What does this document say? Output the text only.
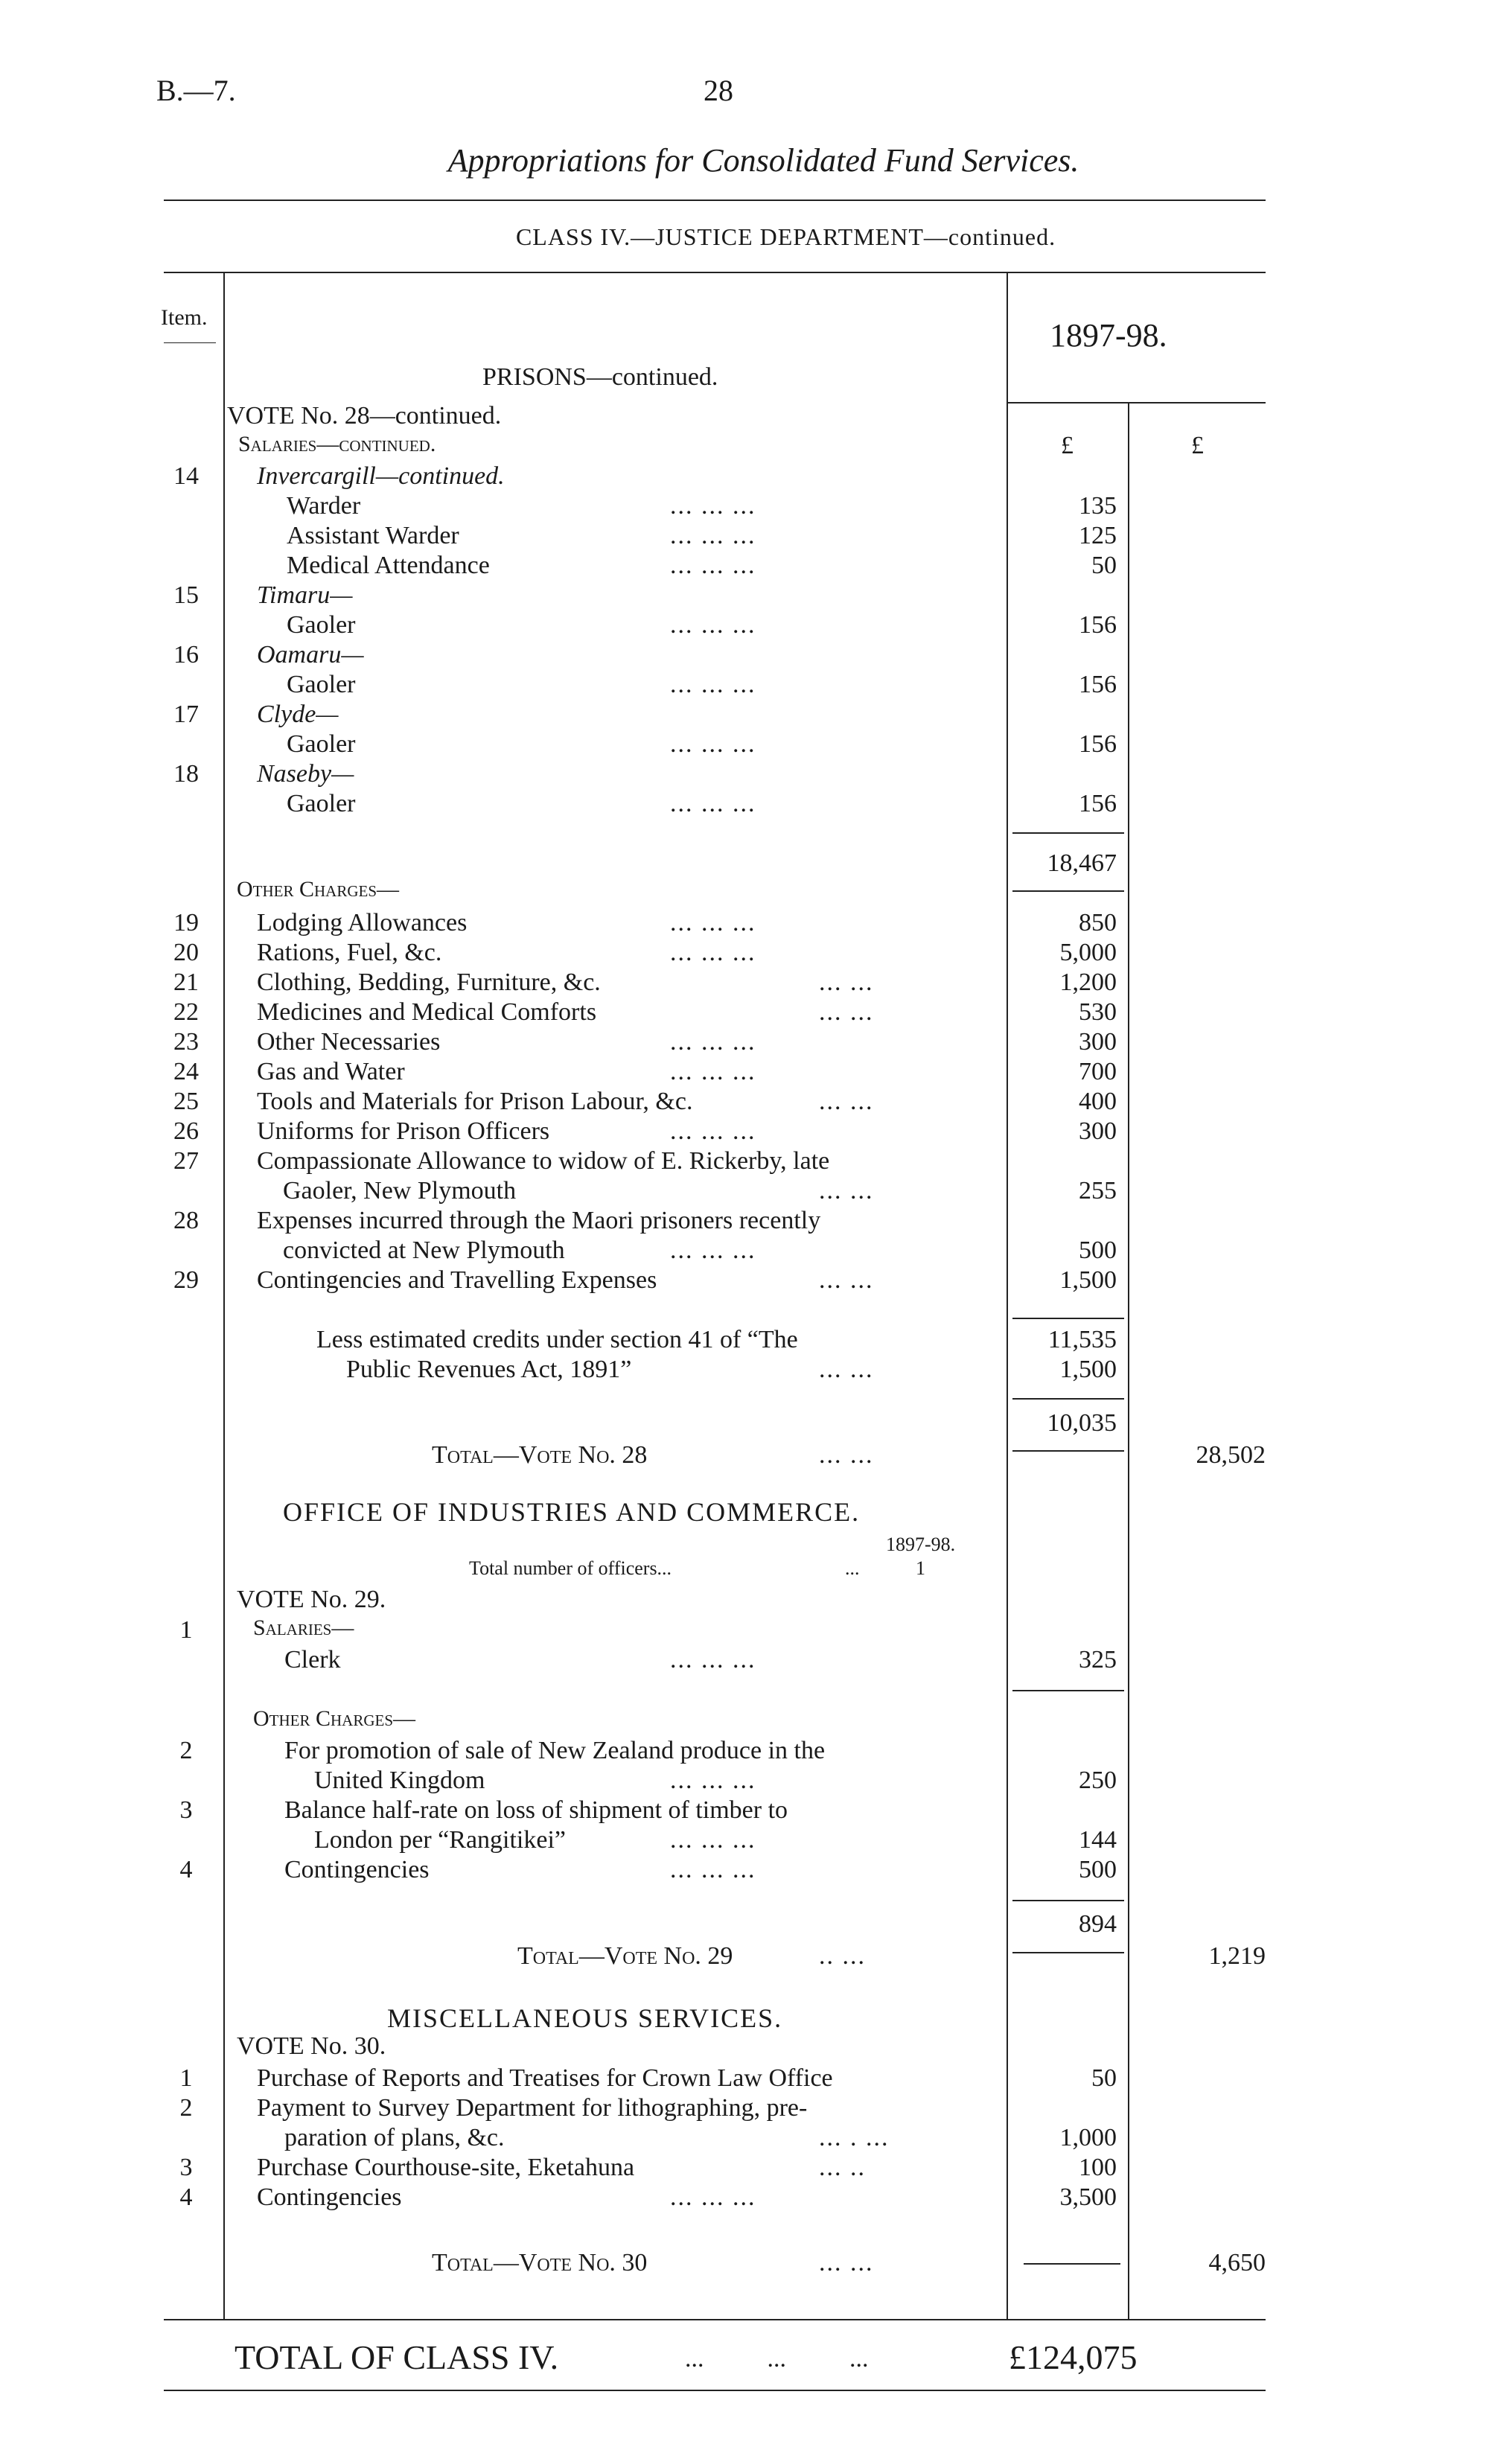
B.—7.	28
Appropriations for Consolidated Fund Services.
CLASS IV.—JUSTICE DEPARTMENT—continued.
Item.	1897-98.
£	£
PRISONS—continued.
VOTE No. 28—continued.
Salaries—continued.
14	Invercargill—continued.
Warder	... ... ...	135
Assistant Warder	... ... ...	125
Medical Attendance	... ... ...	50
15	Timaru—
Gaoler	... ... ...	156
16	Oamaru—
Gaoler	... ... ...	156
17	Clyde—
Gaoler	... ... ...	156
18	Naseby—
Gaoler	... ... ...	156
18,467
Other Charges—
19	Lodging Allowances	... ... ...	850
20	Rations, Fuel, &c.	... ... ...	5,000
21	Clothing, Bedding, Furniture, &c.	... ...	1,200
22	Medicines and Medical Comforts	... ...	530
23	Other Necessaries	... ... ...	300
24	Gas and Water	... ... ...	700
25	Tools and Materials for Prison Labour, &c.	... ...	400
26	Uniforms for Prison Officers	... ... ...	300
27	Compassionate Allowance to widow of E. Rickerby, late
Gaoler, New Plymouth	... ...	255
28	Expenses incurred through the Maori prisoners recently
convicted at New Plymouth	... ... ...	500
29	Contingencies and Travelling Expenses	... ...	1,500
Less estimated credits under section 41 of “The	11,535
Public Revenues Act, 1891”	... ...	1,500
10,035
Total—Vote No. 28	... ...	28,502
OFFICE OF INDUSTRIES AND COMMERCE.
1897-98.
Total number of officers...	...	1
VOTE No. 29.
Salaries—
1
Clerk	... ... ...	325
Other Charges—
2	For promotion of sale of New Zealand produce in the
United Kingdom	... ... ...	250
3	Balance half-rate on loss of shipment of timber to
London per “Rangitikei”	... ... ...	144
4	Contingencies	... ... ...	500
894
Total—Vote No. 29	.. ...	1,219
MISCELLANEOUS SERVICES.
VOTE No. 30.
1	Purchase of Reports and Treatises for Crown Law Office	50
2	Payment to Survey Department for lithographing, pre-
paration of plans, &c.	... . ...	1,000
3	Purchase Courthouse-site, Eketahuna	... ..	100
4	Contingencies	... ... ...	3,500
Total—Vote No. 30	... ...	4,650
TOTAL OF CLASS IV.	...          ...          ...	£124,075
